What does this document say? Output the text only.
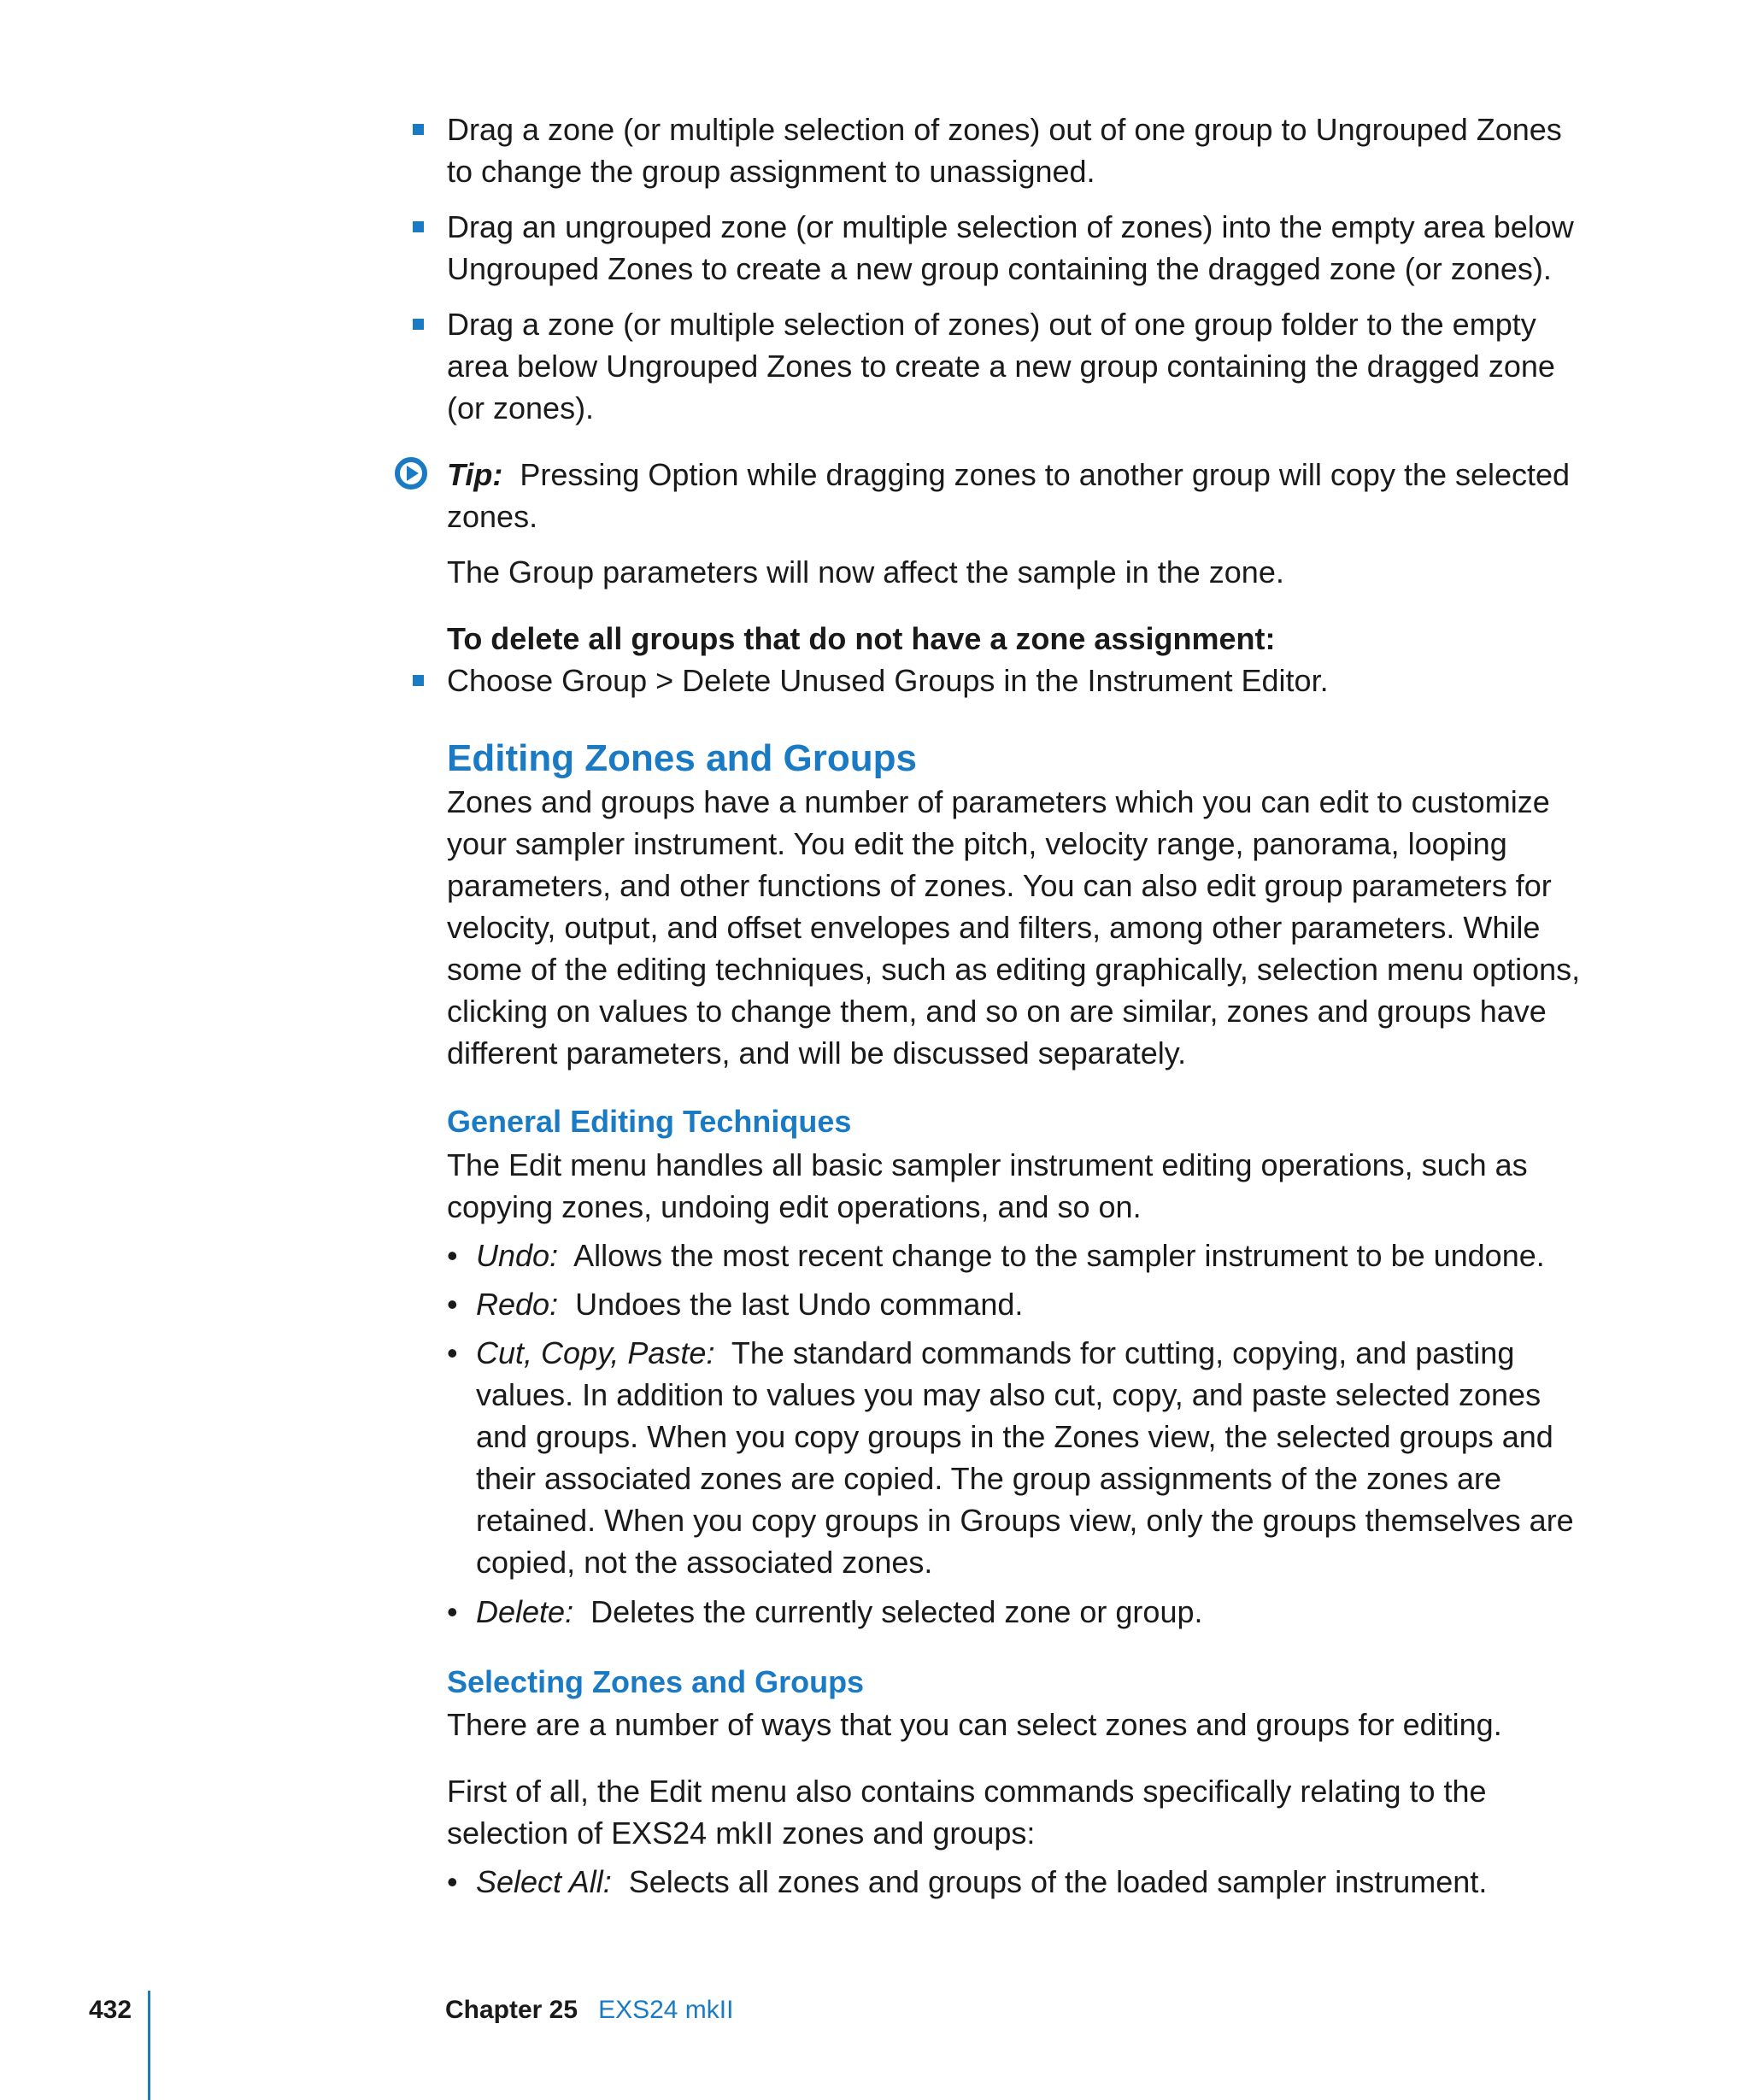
Drag a zone (or multiple selection of zones) out of one group to Ungrouped Zones to change the group assignment to unassigned.
Drag an ungrouped zone (or multiple selection of zones) into the empty area below Ungrouped Zones to create a new group containing the dragged zone (or zones).
Drag a zone (or multiple selection of zones) out of one group folder to the empty area below Ungrouped Zones to create a new group containing the dragged zone (or zones).

Tip: Pressing Option while dragging zones to another group will copy the selected zones.

The Group parameters will now affect the sample in the zone.

To delete all groups that do not have a zone assignment:

Choose Group > Delete Unused Groups in the Instrument Editor.
Editing Zones and Groups

Zones and groups have a number of parameters which you can edit to customize your sampler instrument. You edit the pitch, velocity range, panorama, looping parameters, and other functions of zones. You can also edit group parameters for velocity, output, and offset envelopes and filters, among other parameters. While some of the editing techniques, such as editing graphically, selection menu options, clicking on values to change them, and so on are similar, zones and groups have different parameters, and will be discussed separately.

General Editing Techniques

The Edit menu handles all basic sampler instrument editing operations, such as copying zones, undoing edit operations, and so on.

• Undo: Allows the most recent change to the sampler instrument to be undone.
• Redo: Undoes the last Undo command.
• Cut, Copy, Paste: The standard commands for cutting, copying, and pasting values. In addition to values you may also cut, copy, and paste selected zones and groups. When you copy groups in the Zones view, the selected groups and their associated zones are copied. The group assignments of the zones are retained. When you copy groups in Groups view, only the groups themselves are copied, not the associated zones.
• Delete: Deletes the currently selected zone or group.
Selecting Zones and Groups

There are a number of ways that you can select zones and groups for editing.

First of all, the Edit menu also contains commands specifically relating to the selection of EXS24 mkII zones and groups:

• Select All: Selects all zones and groups of the loaded sampler instrument.
432	Chapter 25 EXS24 mkII
